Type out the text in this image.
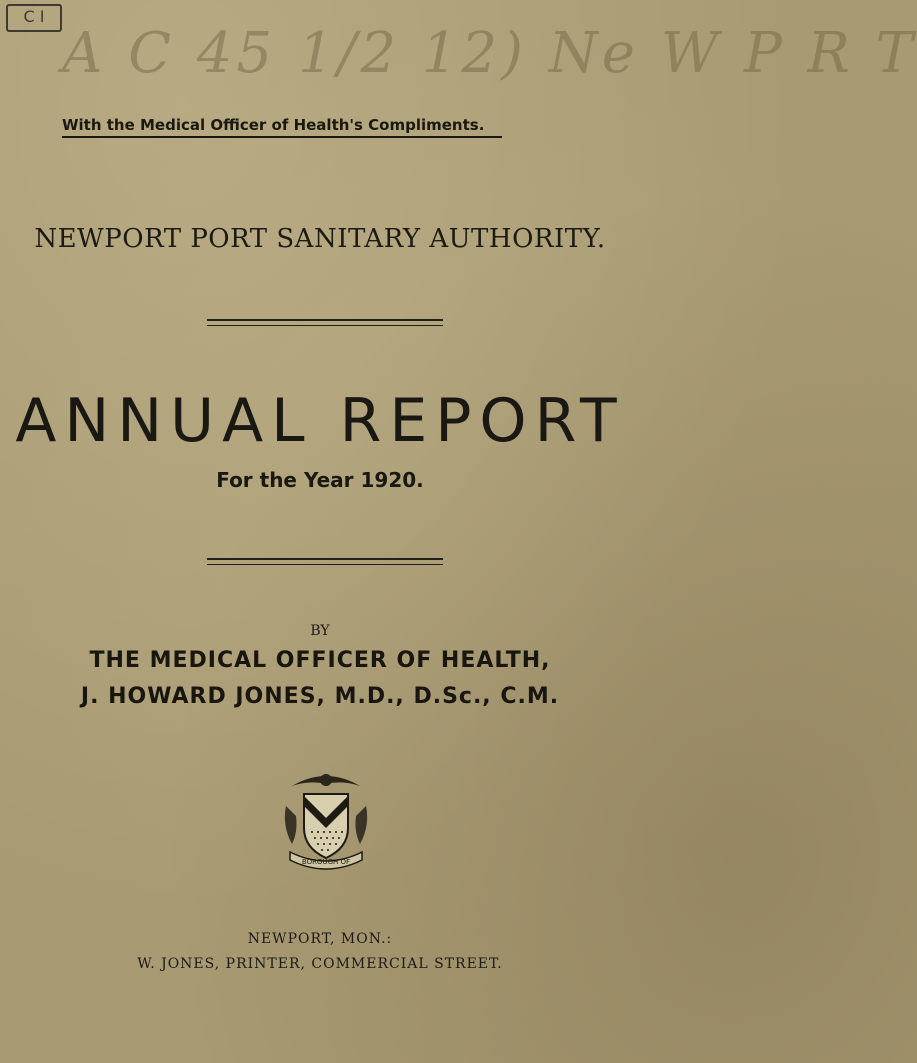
C I
A C 45 1/2 12) Ne W P R T
With the Medical Officer of Health's Compliments.
NEWPORT PORT SANITARY AUTHORITY.
ANNUAL REPORT
For the Year 1920.
BY
THE MEDICAL OFFICER OF HEALTH,
J. HOWARD JONES, M.D., D.Sc., C.M.
BOROUGH OF
NEWPORT, MON.:
W. JONES, PRINTER, COMMERCIAL STREET.
